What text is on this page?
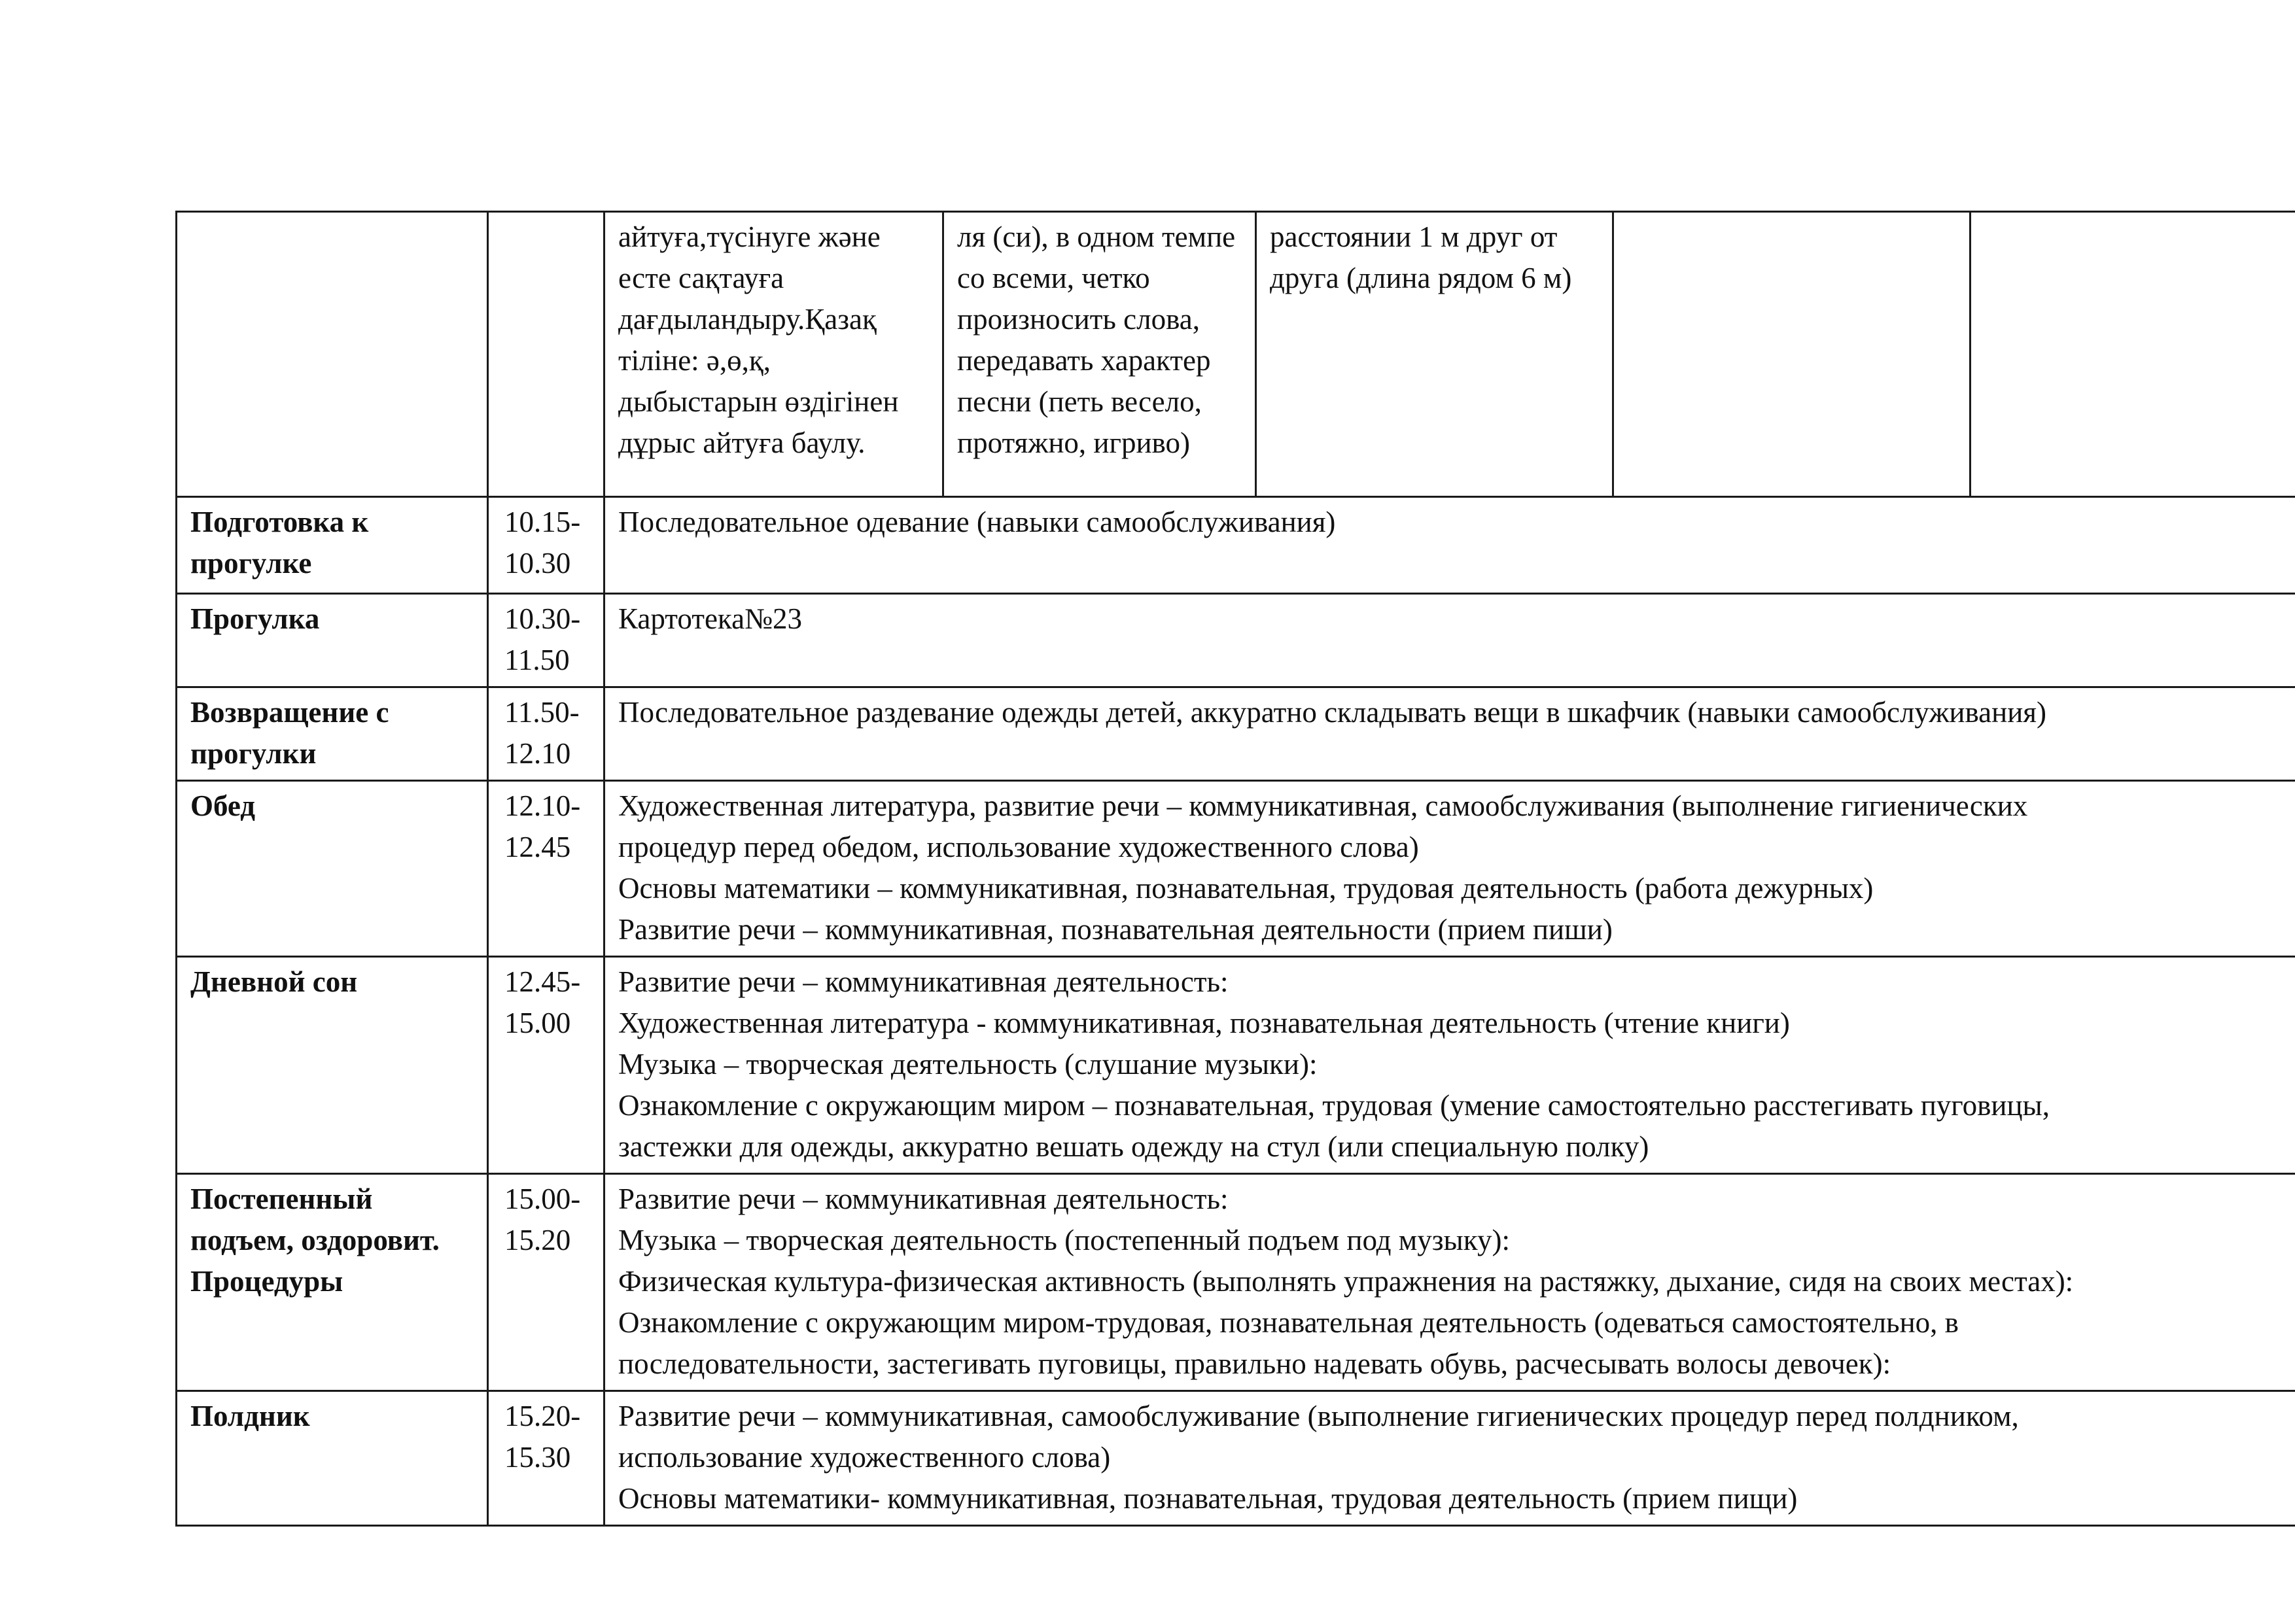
		айтуға,түсінуге және есте сақтауға дағдыландыру.Қазақ тіліне: ә,ө,қ, дыбыстарын өздігінен дұрыс айтуға баулу.	ля (си), в одном темпе со всеми, четко произносить слова, передавать характер песни (петь весело, протяжно, игриво)	расстоянии 1 м друг от друга (длина рядом 6 м)		
Подготовка к прогулке	10.15-10.30	Последовательное одевание (навыки самообслуживания)				

Прогулка	10.30-11.50	Картотека№23				

Возвращение с прогулки	11.50-12.10	Последовательное раздевание одежды детей, аккуратно складывать вещи в шкафчик (навыки самообслуживания)				

Обед	12.10-12.45	Художественная литература, развитие речи – коммуникативная, самообслуживания (выполнение гигиенических
процедур перед обедом, использование художественного слова)
Основы математики – коммуникативная, познавательная, трудовая деятельность (работа дежурных)
Развитие речи – коммуникативная, познавательная деятельности (прием пиши)				

Дневной сон	12.45-15.00	Развитие речи – коммуникативная деятельность:
Художественная литература - коммуникативная, познавательная деятельность (чтение книги)
Музыка – творческая деятельность (слушание музыки):
Ознакомление с окружающим миром – познавательная, трудовая (умение самостоятельно расстегивать пуговицы,
застежки для одежды, аккуратно вешать одежду на стул (или специальную полку)				

Постепенный подъем, оздоровит. Процедуры	15.00-15.20	Развитие речи – коммуникативная деятельность:
Музыка – творческая деятельность (постепенный подъем под музыку):
Физическая культура-физическая активность (выполнять упражнения на растяжку, дыхание, сидя на своих местах):
Ознакомление с окружающим миром-трудовая, познавательная деятельность (одеваться самостоятельно, в
последовательности, застегивать пуговицы, правильно надевать обувь, расчесывать волосы девочек):				

Полдник	15.20-15.30	Развитие речи – коммуникативная, самообслуживание (выполнение гигиенических процедур перед полдником,
использование художественного слова)
Основы математики- коммуникативная, познавательная, трудовая деятельность (прием пищи)				
